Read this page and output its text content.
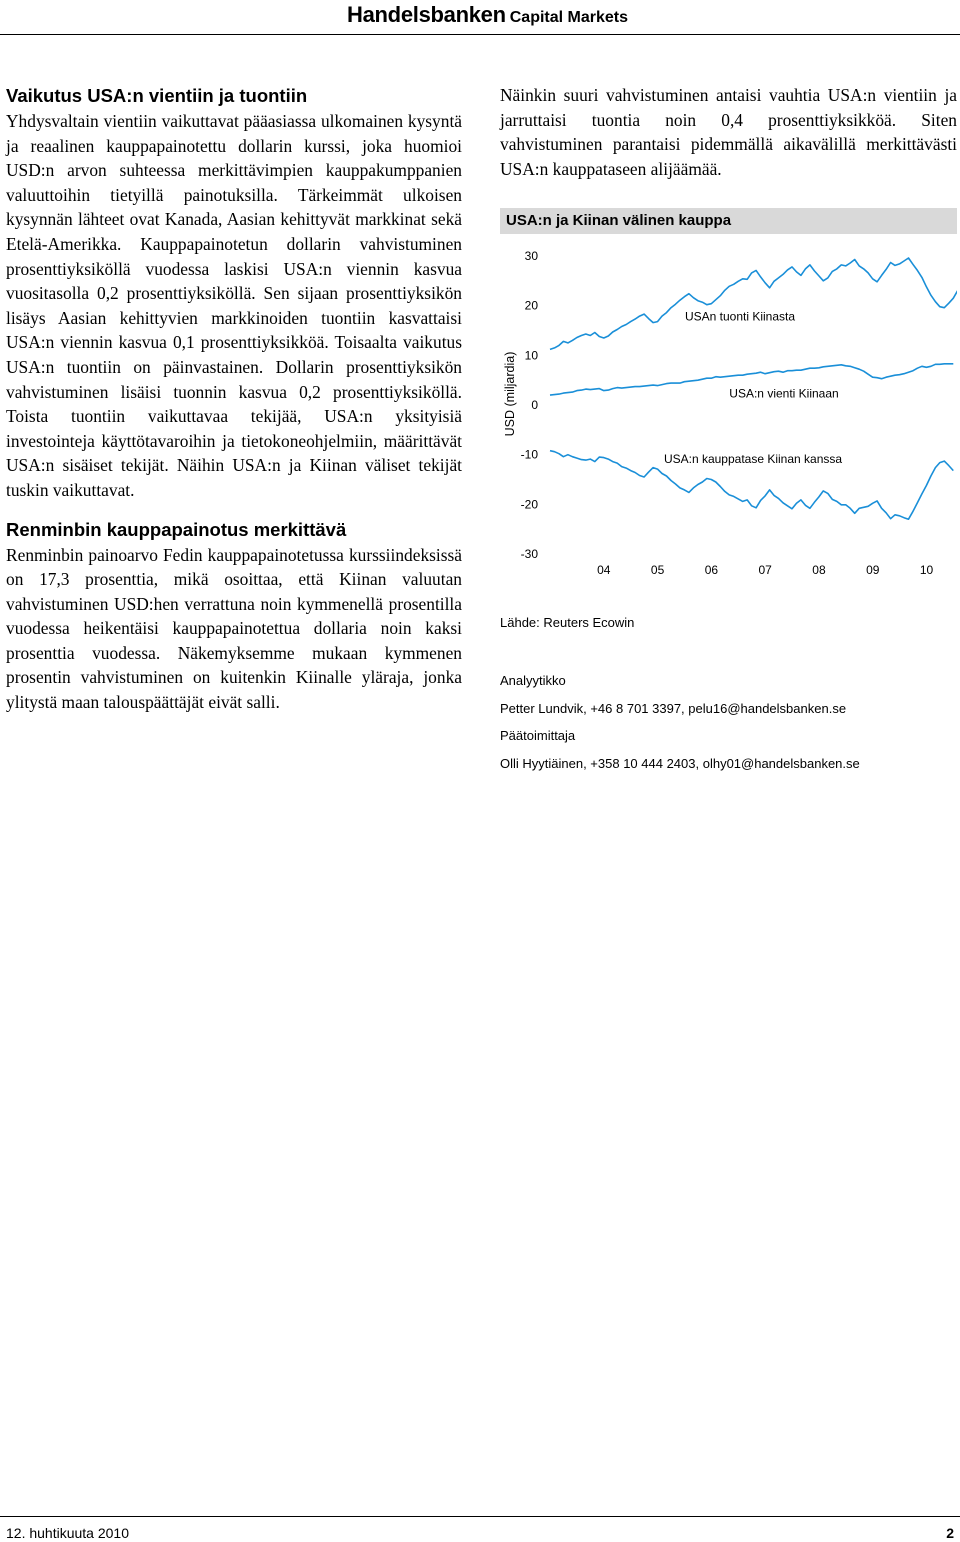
Handelsbanken Capital Markets
Vaikutus USA:n vientiin ja tuontiin

Yhdysvaltain vientiin vaikuttavat pääasiassa ulkomainen kysyntä ja reaalinen kauppapainotettu dollarin kurssi, joka huomioi USD:n arvon suhteessa merkittävimpien kauppakumppanien valuuttoihin tietyillä painotuksilla. Tärkeimmät ulkoisen kysynnän lähteet ovat Kanada, Aasian kehittyvät markkinat sekä Etelä-Amerikka. Kauppapainotetun dollarin vahvistuminen prosenttiyksiköllä vuodessa laskisi USA:n viennin kasvua vuositasolla 0,2 prosenttiyksiköllä. Sen sijaan prosenttiyksikön lisäys Aasian kehittyvien markkinoiden tuontiin kasvattaisi USA:n viennin kasvua 0,1 prosenttiyksikköä. Toisaalta vaikutus USA:n tuontiin on päinvastainen. Dollarin prosenttiyksikön vahvistuminen lisäisi tuonnin kasvua 0,2 prosenttiyksiköllä. Toista tuontiin vaikuttavaa tekijää, USA:n yksityisiä investointeja käyttötavaroihin ja tietokoneohjelmiin, määrittävät USA:n sisäiset tekijät. Näihin USA:n ja Kiinan väliset tekijät tuskin vaikuttavat.

Renminbin kauppapainotus merkittävä

Renminbin painoarvo Fedin kauppapainotetussa kurssiindeksissä on 17,3 prosenttia, mikä osoittaa, että Kiinan valuutan vahvistuminen USD:hen verrattuna noin kymmenellä prosentilla vuodessa heikentäisi kauppapainotettua dollaria noin kaksi prosenttia vuodessa. Näkemyksemme mukaan kymmenen prosentin vahvistuminen on kuitenkin Kiinalle yläraja, jonka ylitystä maan talouspäättäjät eivät salli.

Näinkin suuri vahvistuminen antaisi vauhtia USA:n vientiin ja jarruttaisi tuontia noin 0,4 prosenttiyksikköä. Siten vahvistuminen parantaisi pidemmällä aikavälillä merkittävästi USA:n kauppataseen alijäämää.

USA:n ja Kiinan välinen kauppa
30
20
10
0
-10
-20
-30
04	05	06	07	08	09	10
USAn tuonti Kiinasta
USA:n vienti Kiinaan
USA:n kauppatase Kiinan kanssa
USD (miljardia)
Lähde: Reuters Ecowin
Analyytikko
Petter Lundvik, +46 8 701 3397, pelu16@handelsbanken.se
Päätoimittaja
Olli Hyytiäinen, +358 10 444 2403, olhy01@handelsbanken.se
12. huhtikuuta 2010	2
